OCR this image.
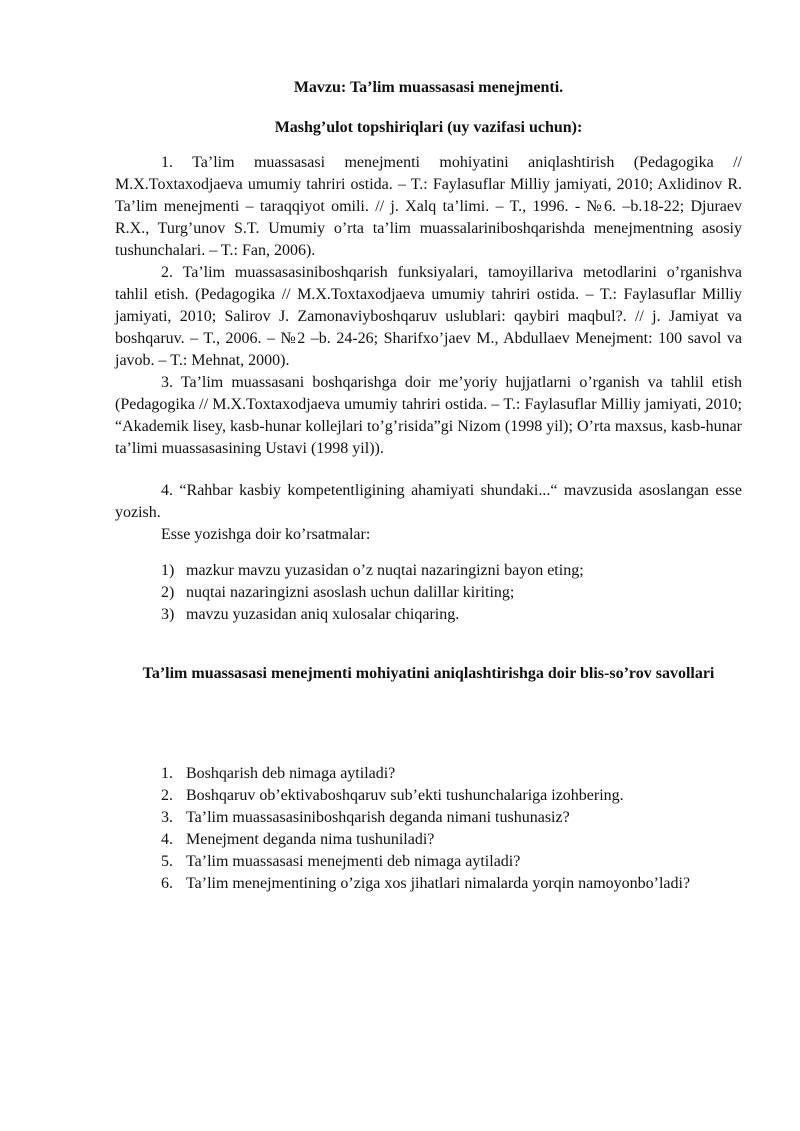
Mavzu: Ta’lim muassasasi menejmenti.
Mashg’ulot topshiriqlari (uy vazifasi uchun):

1. Ta’lim muassasasi menejmenti mohiyatini aniqlashtirish (Pedagogika // M.X.Toxtaxodjaeva umumiy tahriri ostida. – T.: Faylasuflar Milliy jamiyati, 2010; Axlidinov R. Ta’lim menejmenti – taraqqiyot omili. // j. Xalq ta’limi. – T., 1996. - №6. –b.18-22; Djuraev R.X., Turg’unov S.T. Umumiy o’rta ta’lim muassalariniboshqarishda menejmentning asosiy tushunchalari. – T.: Fan, 2006).

2. Ta’lim muassasasiniboshqarish funksiyalari, tamoyillariva metodlarini o’rganishva tahlil etish. (Pedagogika // M.X.Toxtaxodjaeva umumiy tahriri ostida. – T.: Faylasuflar Milliy jamiyati, 2010; Salirov J. Zamonaviyboshqaruv uslublari: qaybiri maqbul?. // j. Jamiyat va boshqaruv. – T., 2006. – №2 –b. 24-26; Sharifxo’jaev M., Abdullaev Menejment: 100 savol va javob. – T.: Mehnat, 2000).

3. Ta’lim muassasani boshqarishga doir me’yoriy hujjatlarni o’rganish va tahlil etish (Pedagogika // M.X.Toxtaxodjaeva umumiy tahriri ostida. – T.: Faylasuflar Milliy jamiyati, 2010; “Akademik lisey, kasb-hunar kollejlari to’g’risida”gi Nizom (1998 yil); O’rta maxsus, kasb-hunar ta’limi muassasasining Ustavi (1998 yil)).

4. “Rahbar kasbiy kompetentligining ahamiyati shundaki...“ mavzusida asoslangan esse yozish.

Esse yozishga doir ko’rsatmalar:

1) mazkur mavzu yuzasidan o’z nuqtai nazaringizni bayon eting;
2) nuqtai nazaringizni asoslash uchun dalillar kiriting;
3) mavzu yuzasidan aniq xulosalar chiqaring.
Ta’lim muassasasi menejmenti mohiyatini aniqlashtirishga doir blis-so’rov savollari
1. Boshqarish deb nimaga aytiladi?
2. Boshqaruv ob’ektivaboshqaruv sub’ekti tushunchalariga izohbering.
3. Ta’lim muassasasiniboshqarish deganda nimani tushunasiz?
4. Menejment deganda nima tushuniladi?
5. Ta’lim muassasasi menejmenti deb nimaga aytiladi?
6. Ta’lim menejmentining o’ziga xos jihatlari nimalarda yorqin namoyonbo’ladi?
